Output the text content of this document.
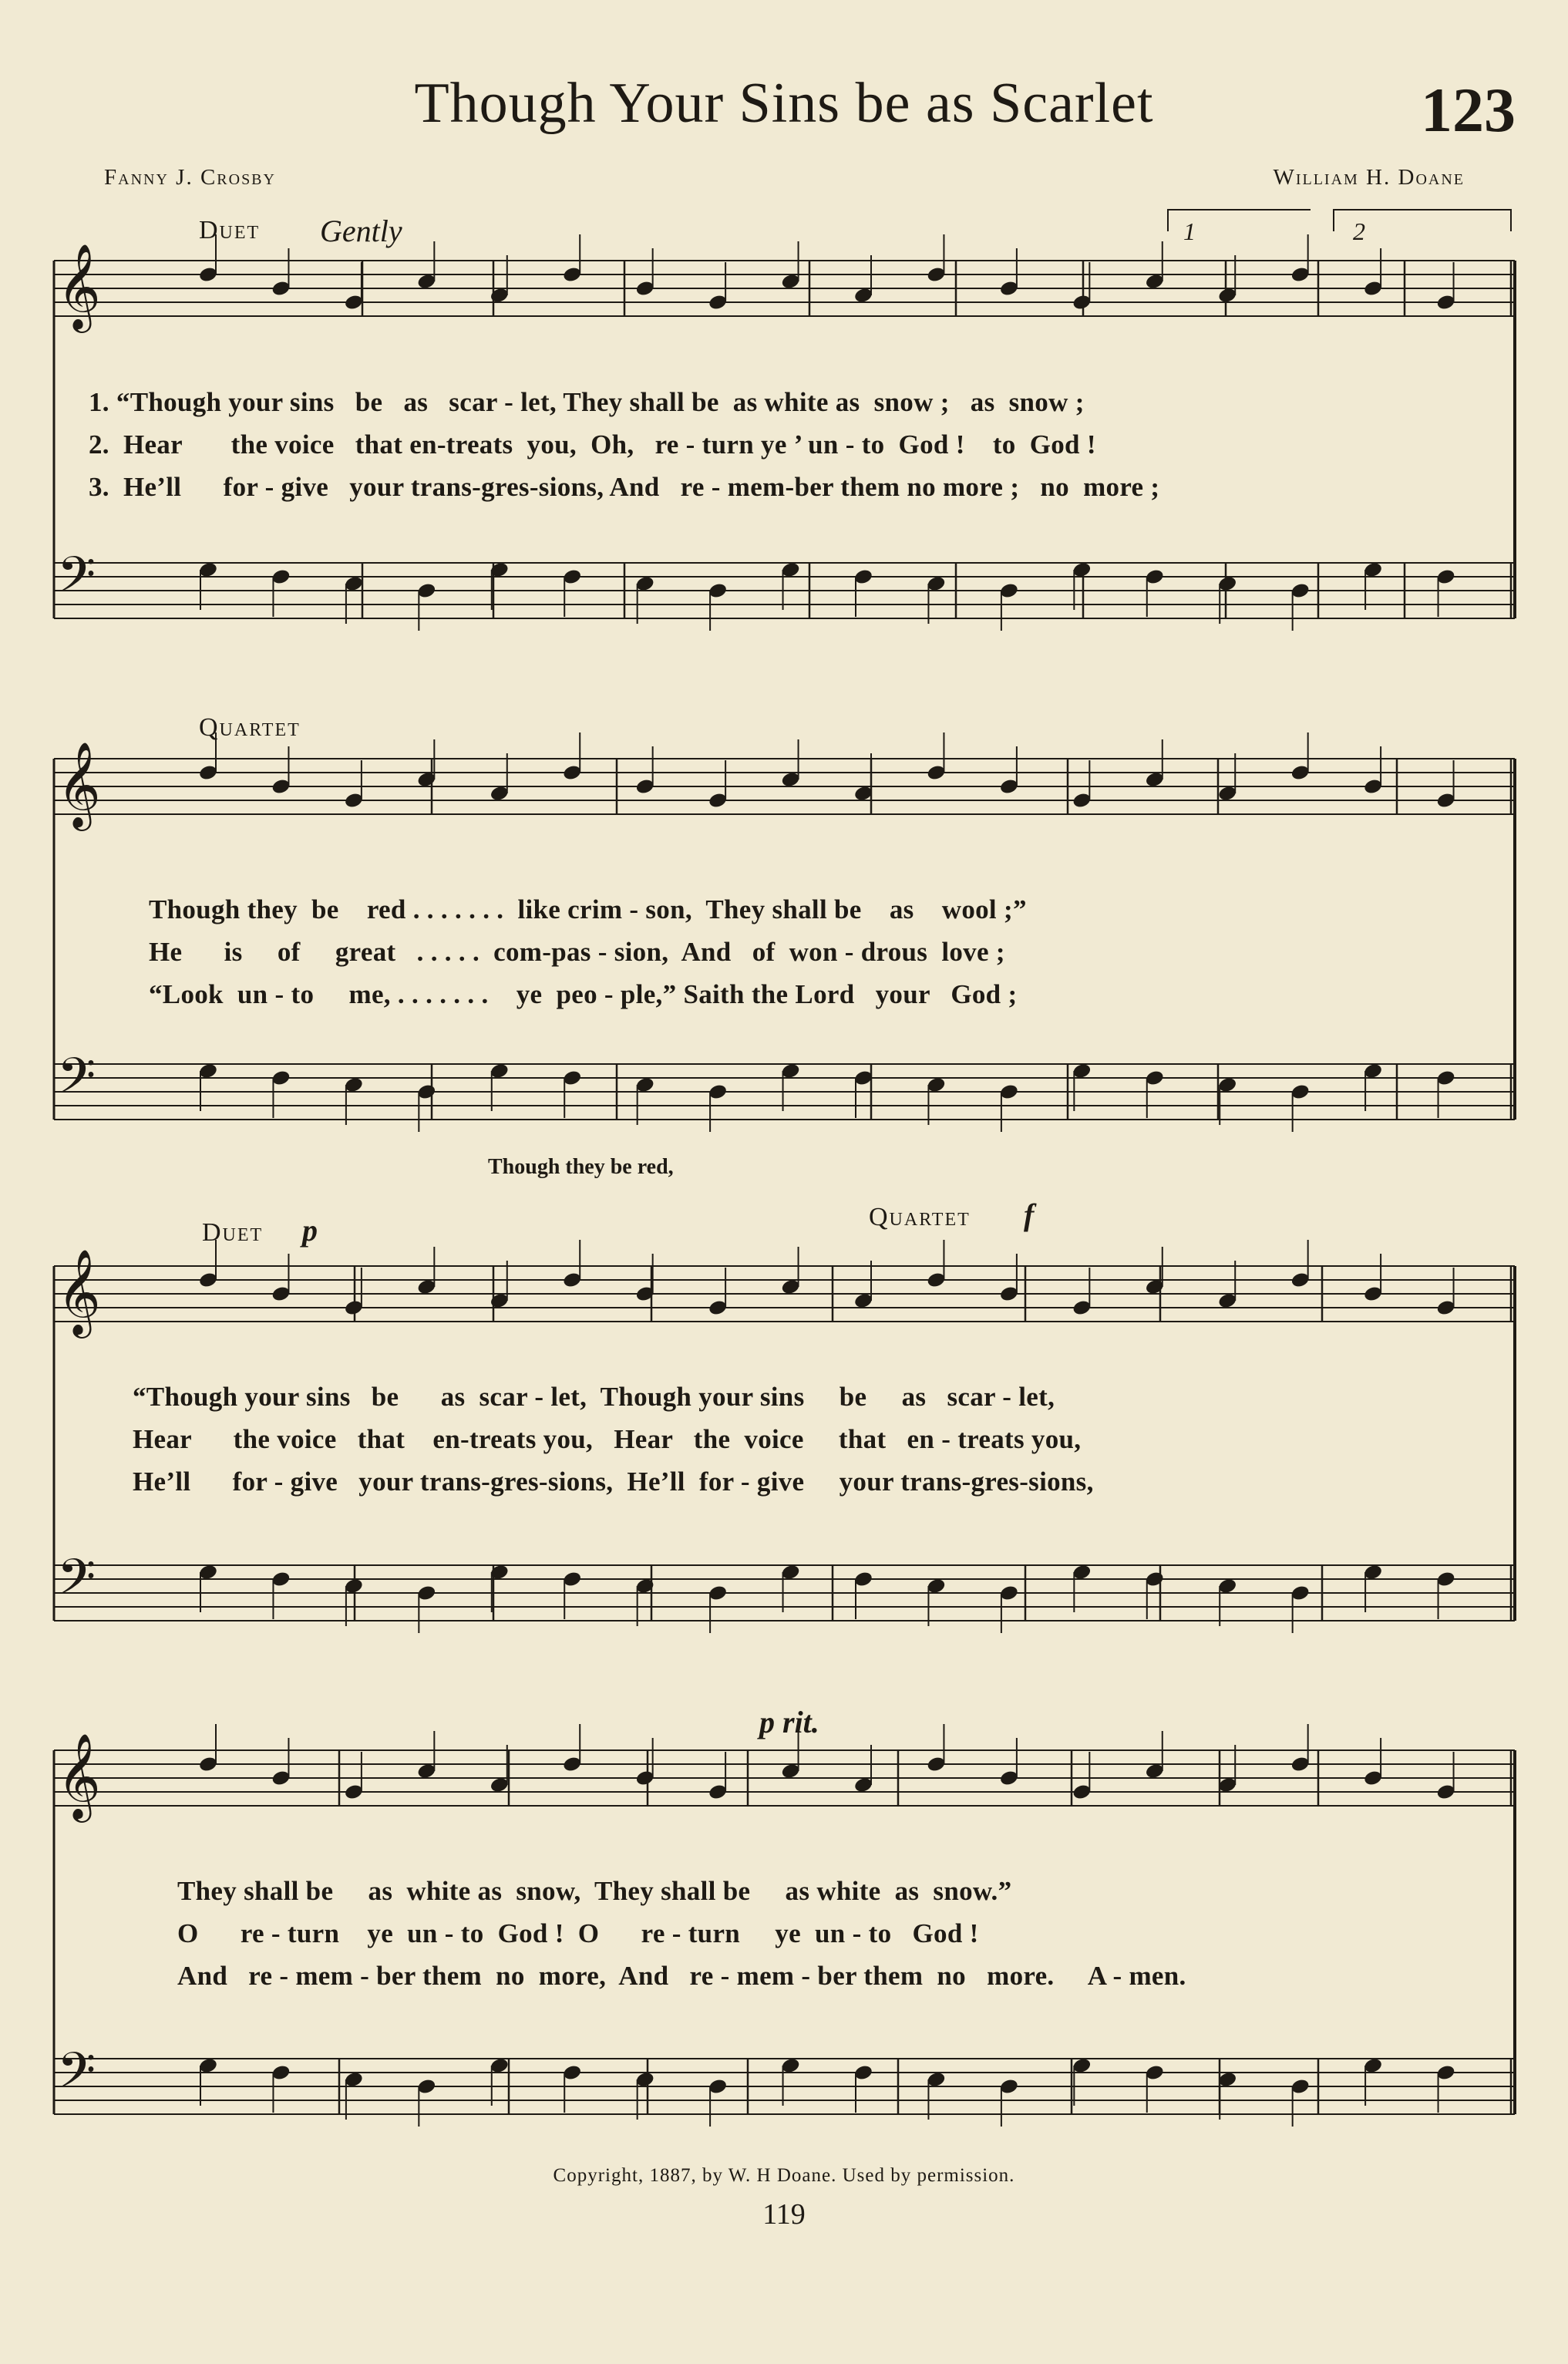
Though Your Sins be as Scarlet	123
Fanny J. Crosby	William H. Doane
Duet Gently	1	2
1. “Though your sins   be   as   scar - let, They shall be  as white as  snow ;   as  snow ;
2.  Hear       the voice   that en-treats  you,  Oh,   re - turn ye ’ un - to  God !    to  God !
3.  He’ll      for - give   your trans-gres-sions, And   re - mem-ber them no more ;   no  more ;
Quartet
Though they  be    red . . . . . . .  like crim - son,  They shall be    as    wool ;”
He      is     of     great   . . . . .  com-pas - sion,  And   of  won - drous  love ;
“Look  un - to     me, . . . . . . .    ye  peo - ple,” Saith the Lord   your   God ;
Though they be red,
Duet p	Quartet f
“Though your sins   be      as  scar - let,  Though your sins     be     as   scar - let,
Hear      the voice   that    en-treats you,   Hear   the  voice     that   en - treats you,
He’ll      for - give   your trans-gres-sions,  He’ll  for - give     your trans-gres-sions,
p rit.
They shall be     as  white as  snow,  They shall be     as white  as  snow.”
O      re - turn    ye  un - to  God !  O      re - turn     ye  un - to   God !
And   re - mem - ber them  no  more,  And   re - mem - ber them  no   more.     A - men.
𝄞
𝄢
𝄞
𝄢
𝄞
𝄢
𝄞
𝄢
Copyright, 1887, by W. H Doane. Used by permission.
119
